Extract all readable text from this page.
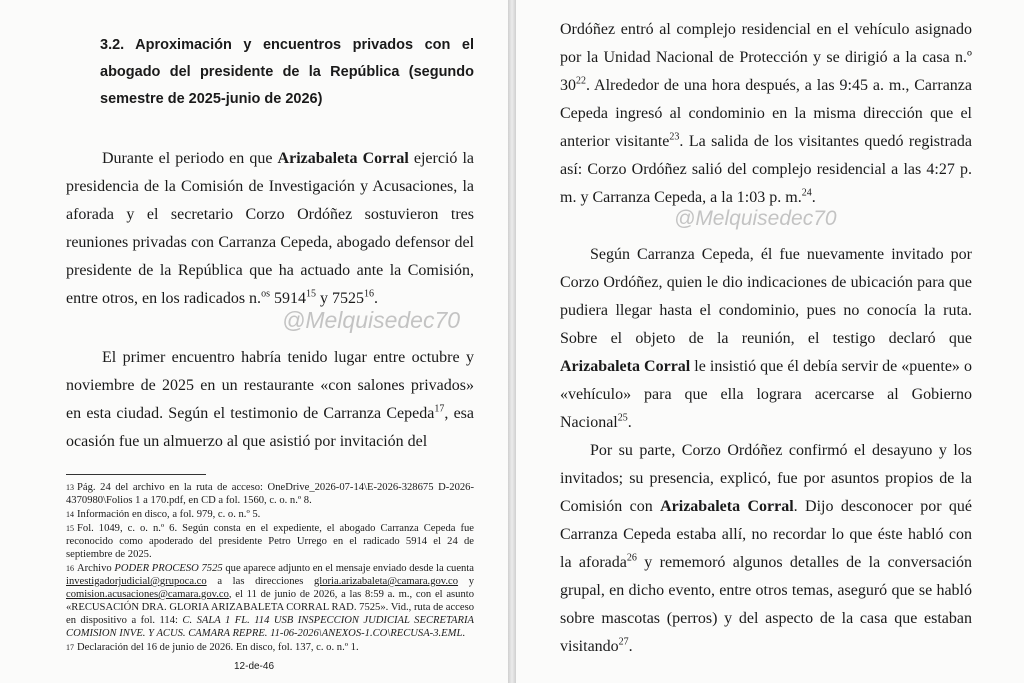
3.2. Aproximación y encuentros privados con el abogado del presidente de la República (segundo semestre de 2025-junio de 2026)

Durante el periodo en que Arizabaleta Corral ejerció la presidencia de la Comisión de Investigación y Acusaciones, la aforada y el secretario Corzo Ordóñez sostuvieron tres reuniones privadas con Carranza Cepeda, abogado defensor del presidente de la República que ha actuado ante la Comisión, entre otros, en los radicados n.$^{os}$ 5914$^{15}$ y 7525$^{16}$.

El primer encuentro habría tenido lugar entre octubre y noviembre de 2025 en un restaurante «con salones privados» en esta ciudad. Según el testimonio de Carranza Cepeda$^{17}$, esa ocasión fue un almuerzo al que asistió por invitación del

$^{13}$ Pág. 24 del archivo en la ruta de acceso: OneDrive_2026-07-14\E-2026-328675 D-2026-4370980\Folios 1 a 170.pdf, en CD a fol. 1560, c. o. n.º 8.

$^{14}$ Información en disco, a fol. 979, c. o. n.º 5.

$^{15}$ Fol. 1049, c. o. n.º 6. Según consta en el expediente, el abogado Carranza Cepeda fue reconocido como apoderado del presidente Petro Urrego en el radicado 5914 el 24 de septiembre de 2025.

$^{16}$ Archivo PODER PROCESO 7525 que aparece adjunto en el mensaje enviado desde la cuenta investigadorjudicial@grupoca.co a las direcciones gloria.arizabaleta@camara.gov.co y comision.acusaciones@camara.gov.co, el 11 de junio de 2026, a las 8:59 a. m., con el asunto «RECUSACIÓN DRA. GLORIA ARIZABALETA CORRAL RAD. 7525». Vid., ruta de acceso en dispositivo a fol. 114: C. SALA 1 FL. 114 USB INSPECCION JUDICIAL SECRETARIA COMISION INVE. Y ACUS. CAMARA REPRE. 11-06-2026\ANEXOS-1.CO\RECUSA-3.EML.

$^{17}$ Declaración del 16 de junio de 2026. En disco, fol. 137, c. o. n.º 1.

12-de-46
@Melquisedec70

Ordóñez entró al complejo residencial en el vehículo asignado por la Unidad Nacional de Protección y se dirigió a la casa n.º $30^{22}$. Alrededor de una hora después, a las 9:45 a. m., Carranza Cepeda ingresó al condominio en la misma dirección que el anterior visitante$^{23}$. La salida de los visitantes quedó registrada así: Corzo Ordóñez salió del complejo residencial a las 4:27 p. m. y Carranza Cepeda, a la 1:03 p. m.$^{24}$.

@Melquisedec70

Según Carranza Cepeda, él fue nuevamente invitado por Corzo Ordóñez, quien le dio indicaciones de ubicación para que pudiera llegar hasta el condominio, pues no conocía la ruta. Sobre el objeto de la reunión, el testigo declaró que Arizabaleta Corral le insistió que él debía servir de «puente» o «vehículo» para que ella lograra acercarse al Gobierno Nacional$^{25}$.

Por su parte, Corzo Ordóñez confirmó el desayuno y los invitados; su presencia, explicó, fue por asuntos propios de la Comisión con Arizabaleta Corral. Dijo desconocer por qué Carranza Cepeda estaba allí, no recordar lo que éste habló con la aforada$^{26}$ y rememoró algunos detalles de la conversación grupal, en dicho evento, entre otros temas, aseguró que se habló sobre mascotas (perros) y del aspecto de la casa que estaban visitando$^{27}$.
